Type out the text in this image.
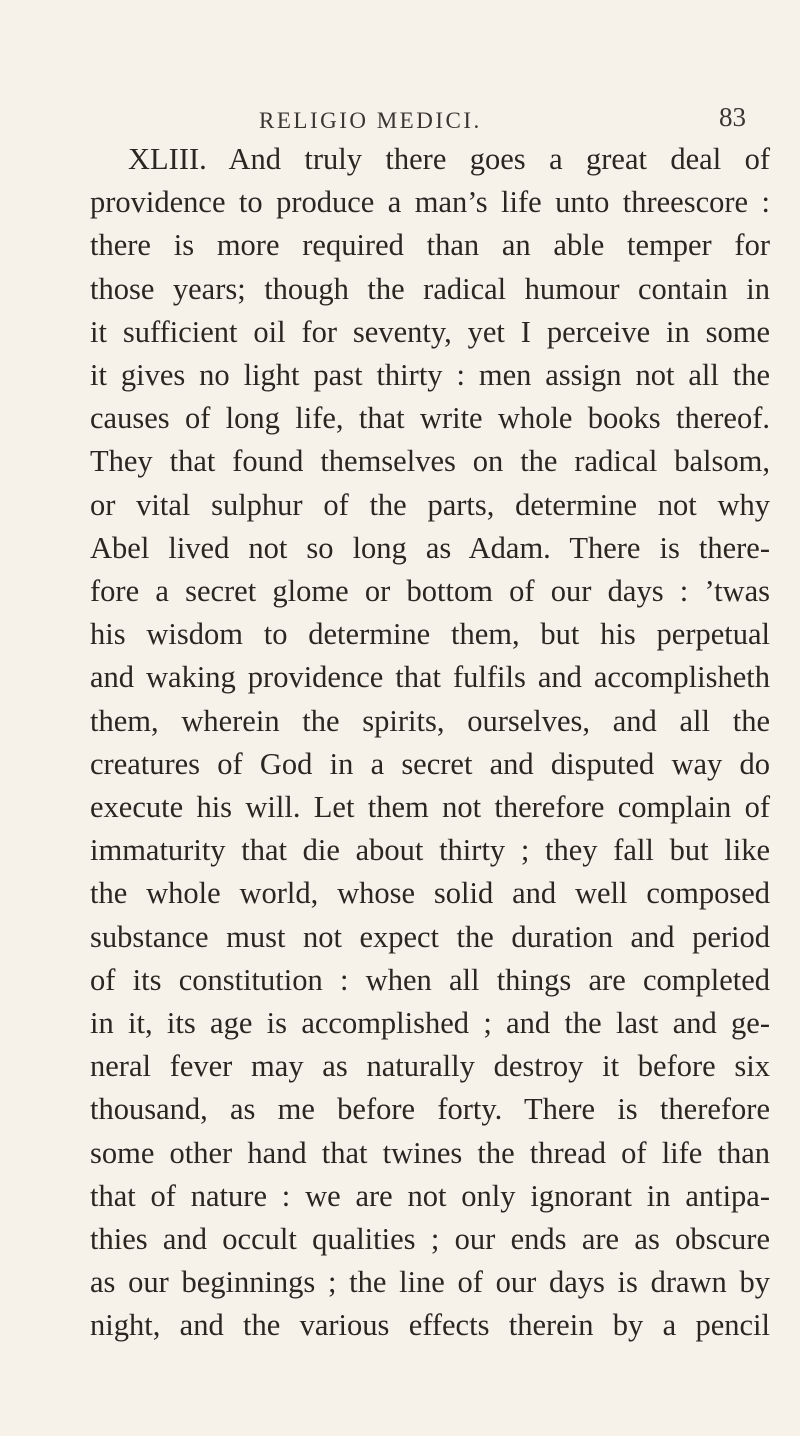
RELIGIO MEDICI.	83
XLIII. And truly there goes a great deal of
providence to produce a man’s life unto threescore :
there is more required than an able temper for
those years; though the radical humour contain in
it sufficient oil for seventy, yet I perceive in some
it gives no light past thirty : men assign not all the
causes of long life, that write whole books thereof.
They that found themselves on the radical balsom,
or vital sulphur of the parts, determine not why
Abel lived not so long as Adam. There is there-
fore a secret glome or bottom of our days : ’twas
his wisdom to determine them, but his perpetual
and waking providence that fulfils and accomplisheth
them, wherein the spirits, ourselves, and all the
creatures of God in a secret and disputed way do
execute his will. Let them not therefore complain of
immaturity that die about thirty ; they fall but like
the whole world, whose solid and well composed
substance must not expect the duration and period
of its constitution : when all things are completed
in it, its age is accomplished ; and the last and ge-
neral fever may as naturally destroy it before six
thousand, as me before forty. There is therefore
some other hand that twines the thread of life than
that of nature : we are not only ignorant in antipa-
thies and occult qualities ; our ends are as obscure
as our beginnings ; the line of our days is drawn by
night, and the various effects therein by a pencil
